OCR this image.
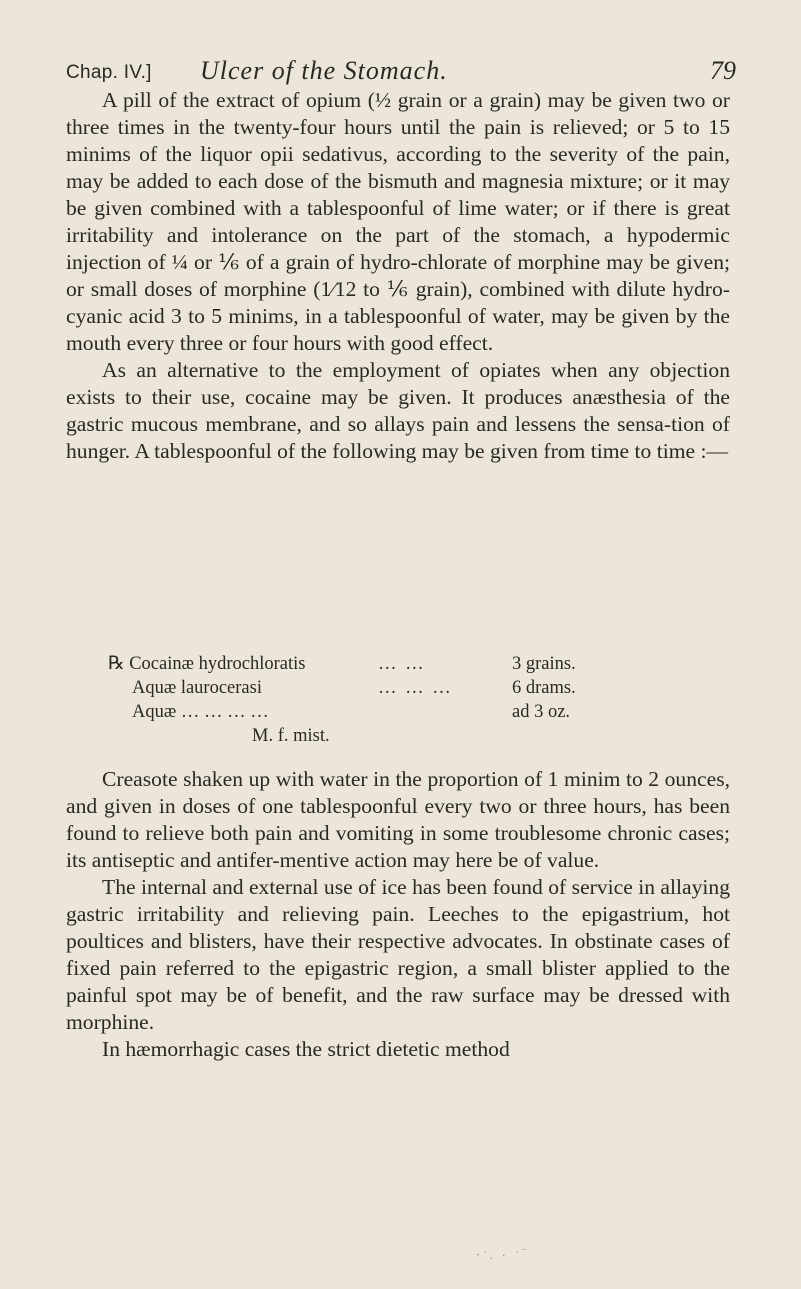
Chap. IV.] Ulcer of the Stomach.	79

A pill of the extract of opium (½ grain or a grain) may be given two or three times in the twenty-four hours until the pain is relieved; or 5 to 15 minims of the liquor opii sedativus, according to the severity of the pain, may be added to each dose of the bismuth and magnesia mixture; or it may be given combined with a tablespoonful of lime water; or if there is great irritability and intolerance on the part of the stomach, a hypodermic injection of ¼ or ⅙ of a grain of hydro-chlorate of morphine may be given; or small doses of morphine (1⁄12 to ⅙ grain), combined with dilute hydro-cyanic acid 3 to 5 minims, in a tablespoonful of water, may be given by the mouth every three or four hours with good effect.

As an alternative to the employment of opiates when any objection exists to their use, cocaine may be given. It produces anæsthesia of the gastric mucous membrane, and so allays pain and lessens the sensa-tion of hunger. A tablespoonful of the following may be given from time to time :—

℞ Cocainæ hydrochloratis	… …	3 grains.
Aquæ laurocerasi	… … …	6 drams.
Aquæ … … … …	ad 3 oz.
M. f. mist.

Creasote shaken up with water in the proportion of 1 minim to 2 ounces, and given in doses of one tablespoonful every two or three hours, has been found to relieve both pain and vomiting in some troublesome chronic cases; its antiseptic and antifer-mentive action may here be of value.

The internal and external use of ice has been found of service in allaying gastric irritability and relieving pain. Leeches to the epigastrium, hot poultices and blisters, have their respective advocates. In obstinate cases of fixed pain referred to the epigastric region, a small blister applied to the painful spot may be of benefit, and the raw surface may be dressed with morphine.

In hæmorrhagic cases the strict dietetic method

‧˙. · ˙‾
